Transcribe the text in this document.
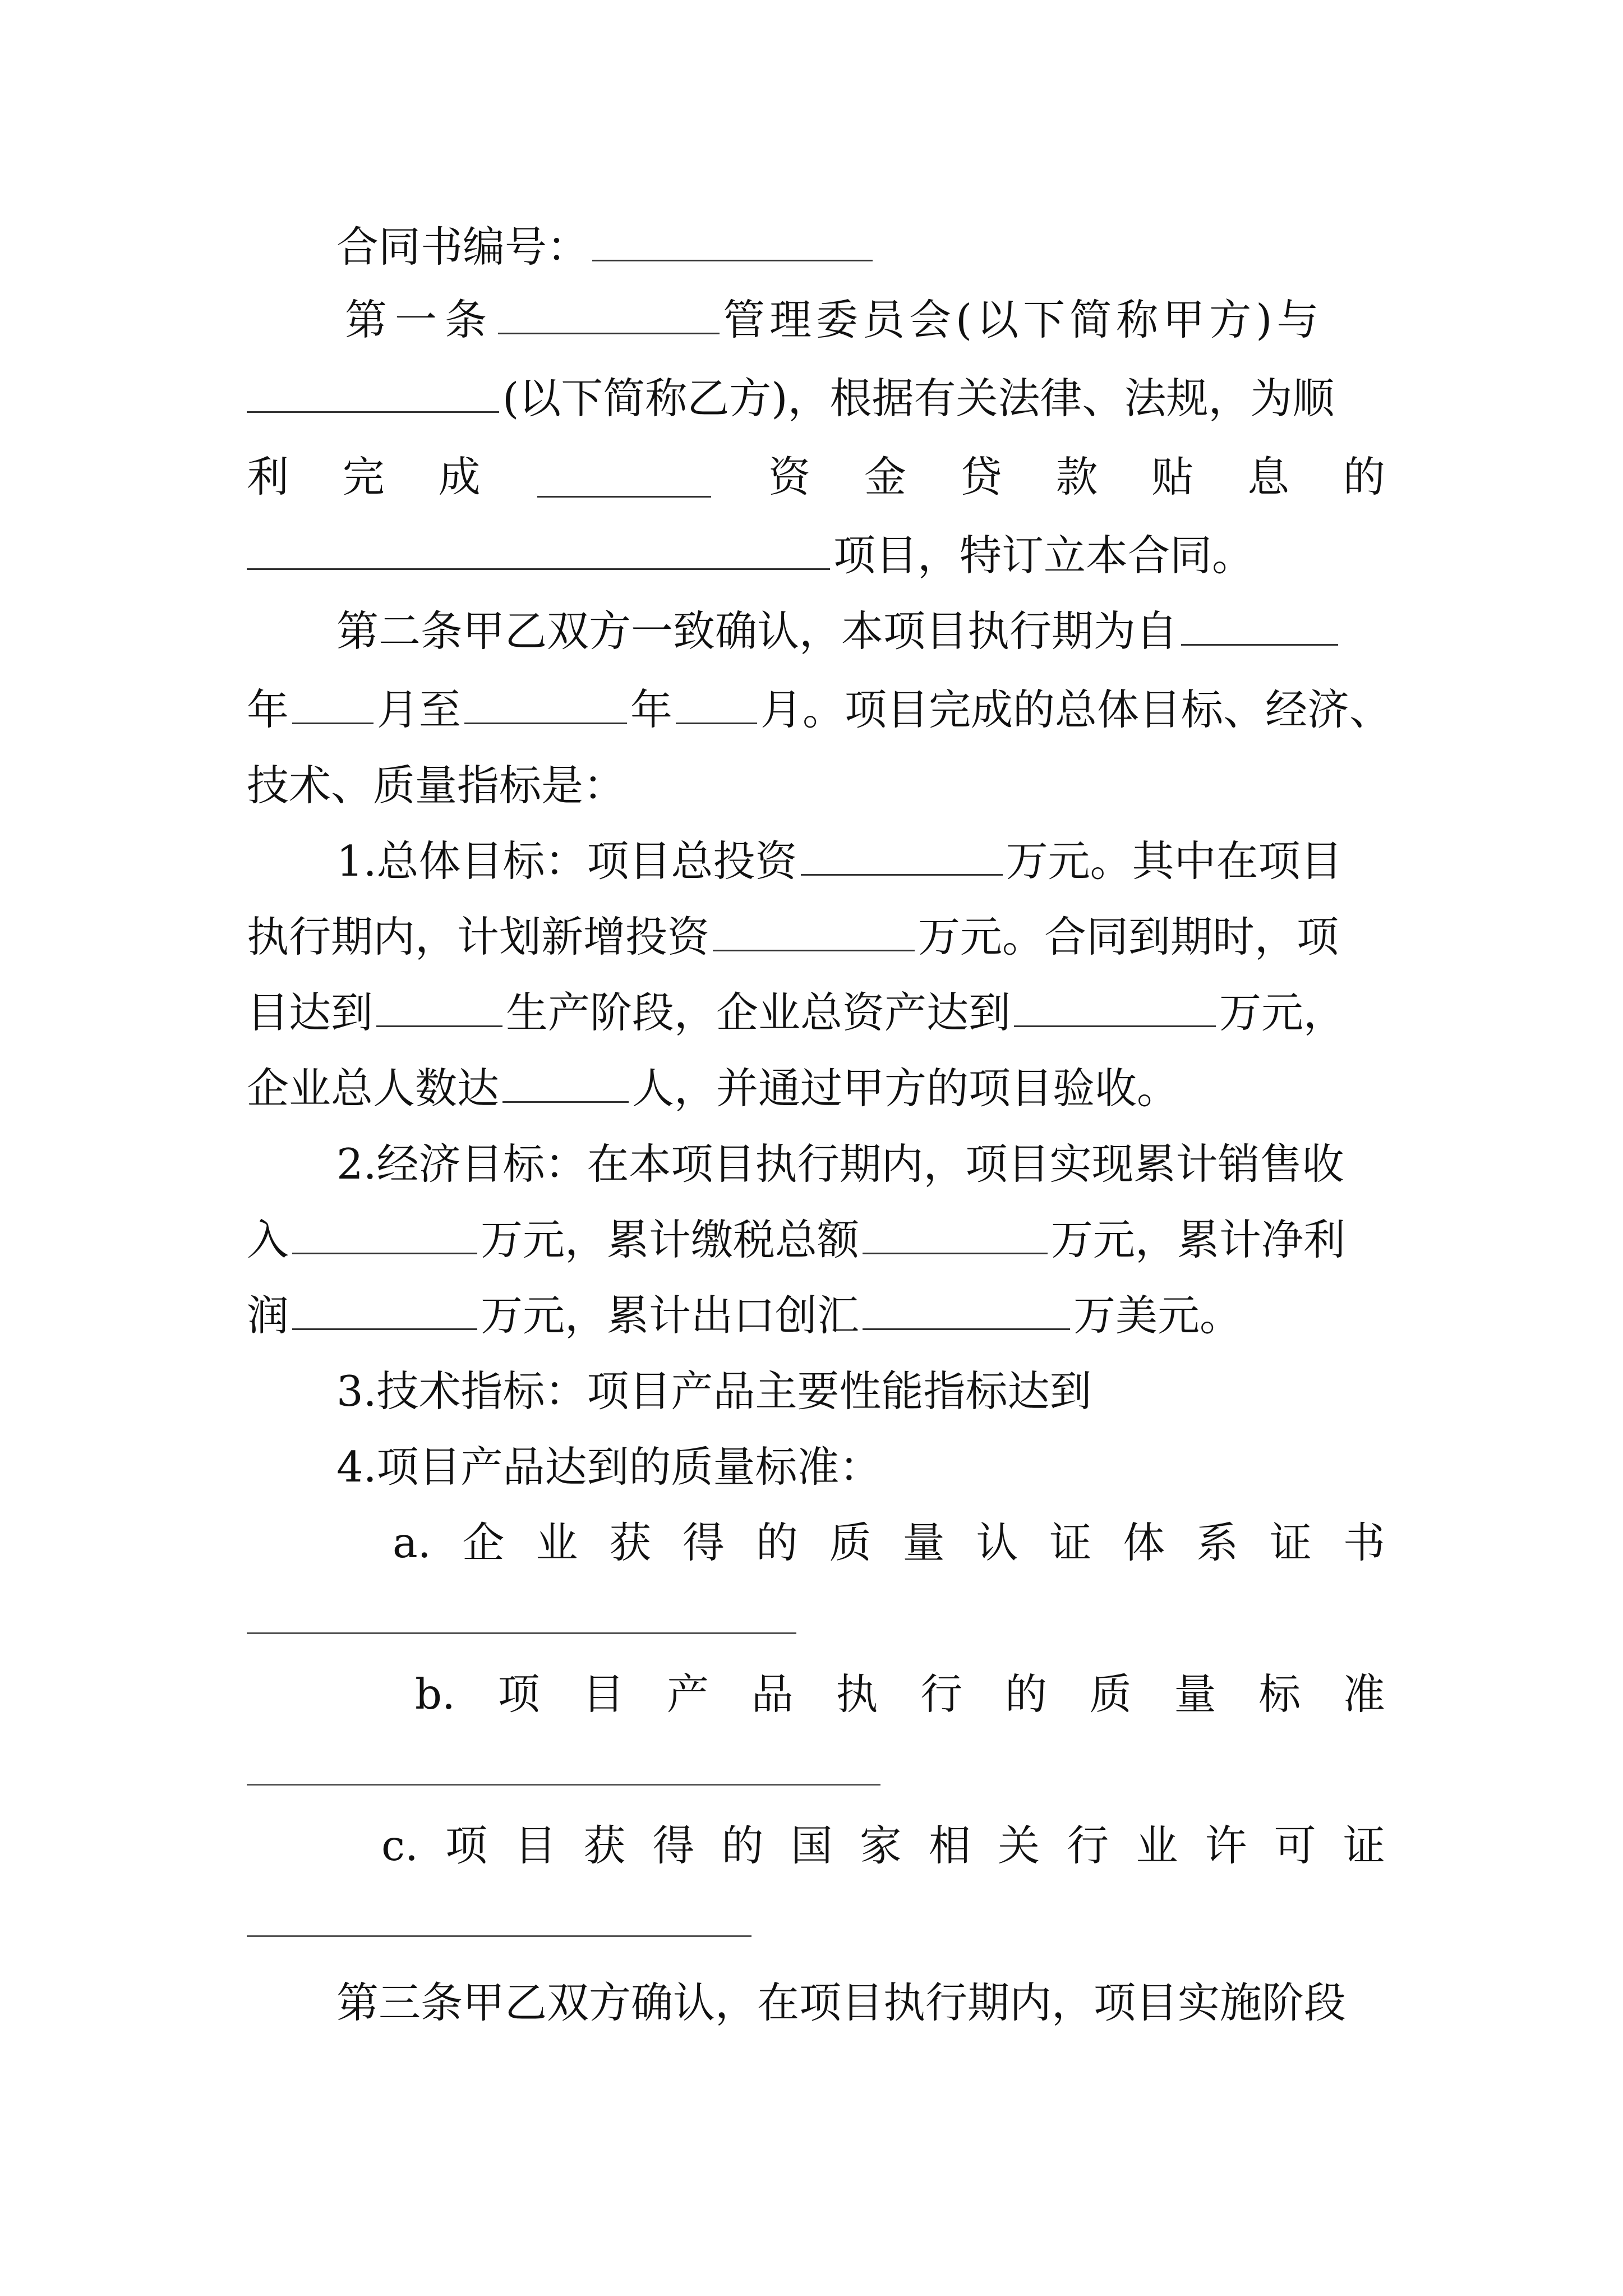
合同书编号：
第一条	管理委员会(以下简称甲方)与
(以下简称乙方)，根据有关法律、法规，为顺
利 完 成	资 金 贷 款 贴 息 的
项目，特订立本合同。
第二条甲乙双方一致确认，本项目执行期为自
年 月至	年 月。项目完成的总体目标、经济、
技术、质量指标是：
1.总体目标：项目总投资	万元。其中在项目
执行期内，计划新增投资	万元。合同到期时，项
目达到	生产阶段，企业总资产达到	万元，
企业总人数达	人，并通过甲方的项目验收。
2.经济目标：在本项目执行期内，项目实现累计销售收
入	万元，累计缴税总额	万元，累计净利
润	万元，累计出口创汇	万美元。
3.技术指标：项目产品主要性能指标达到
4.项目产品达到的质量标准：
a. 企 业 获 得 的 质 量 认 证 体 系 证 书
b. 项 目 产 品 执 行 的 质 量 标 准
c. 项 目 获 得 的 国 家 相 关 行 业 许 可 证
第三条甲乙双方确认，在项目执行期内，项目实施阶段
